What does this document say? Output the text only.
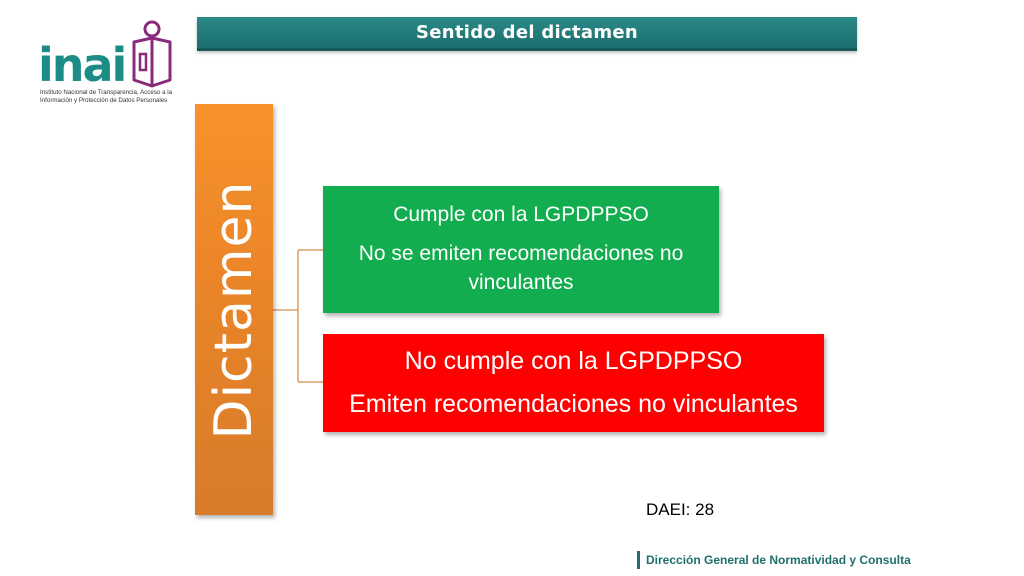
inai
Instituto Nacional de Transparencia, Acceso a la Información y Protección de Datos Personales
Sentido del dictamen
Dictamen	Cumple con la LGPDPPSO
No se emiten recomendaciones no vinculantes
No cumple con la LGPDPPSO
Emiten recomendaciones no vinculantes
DAEI: 28
Dirección General de Normatividad y Consulta
